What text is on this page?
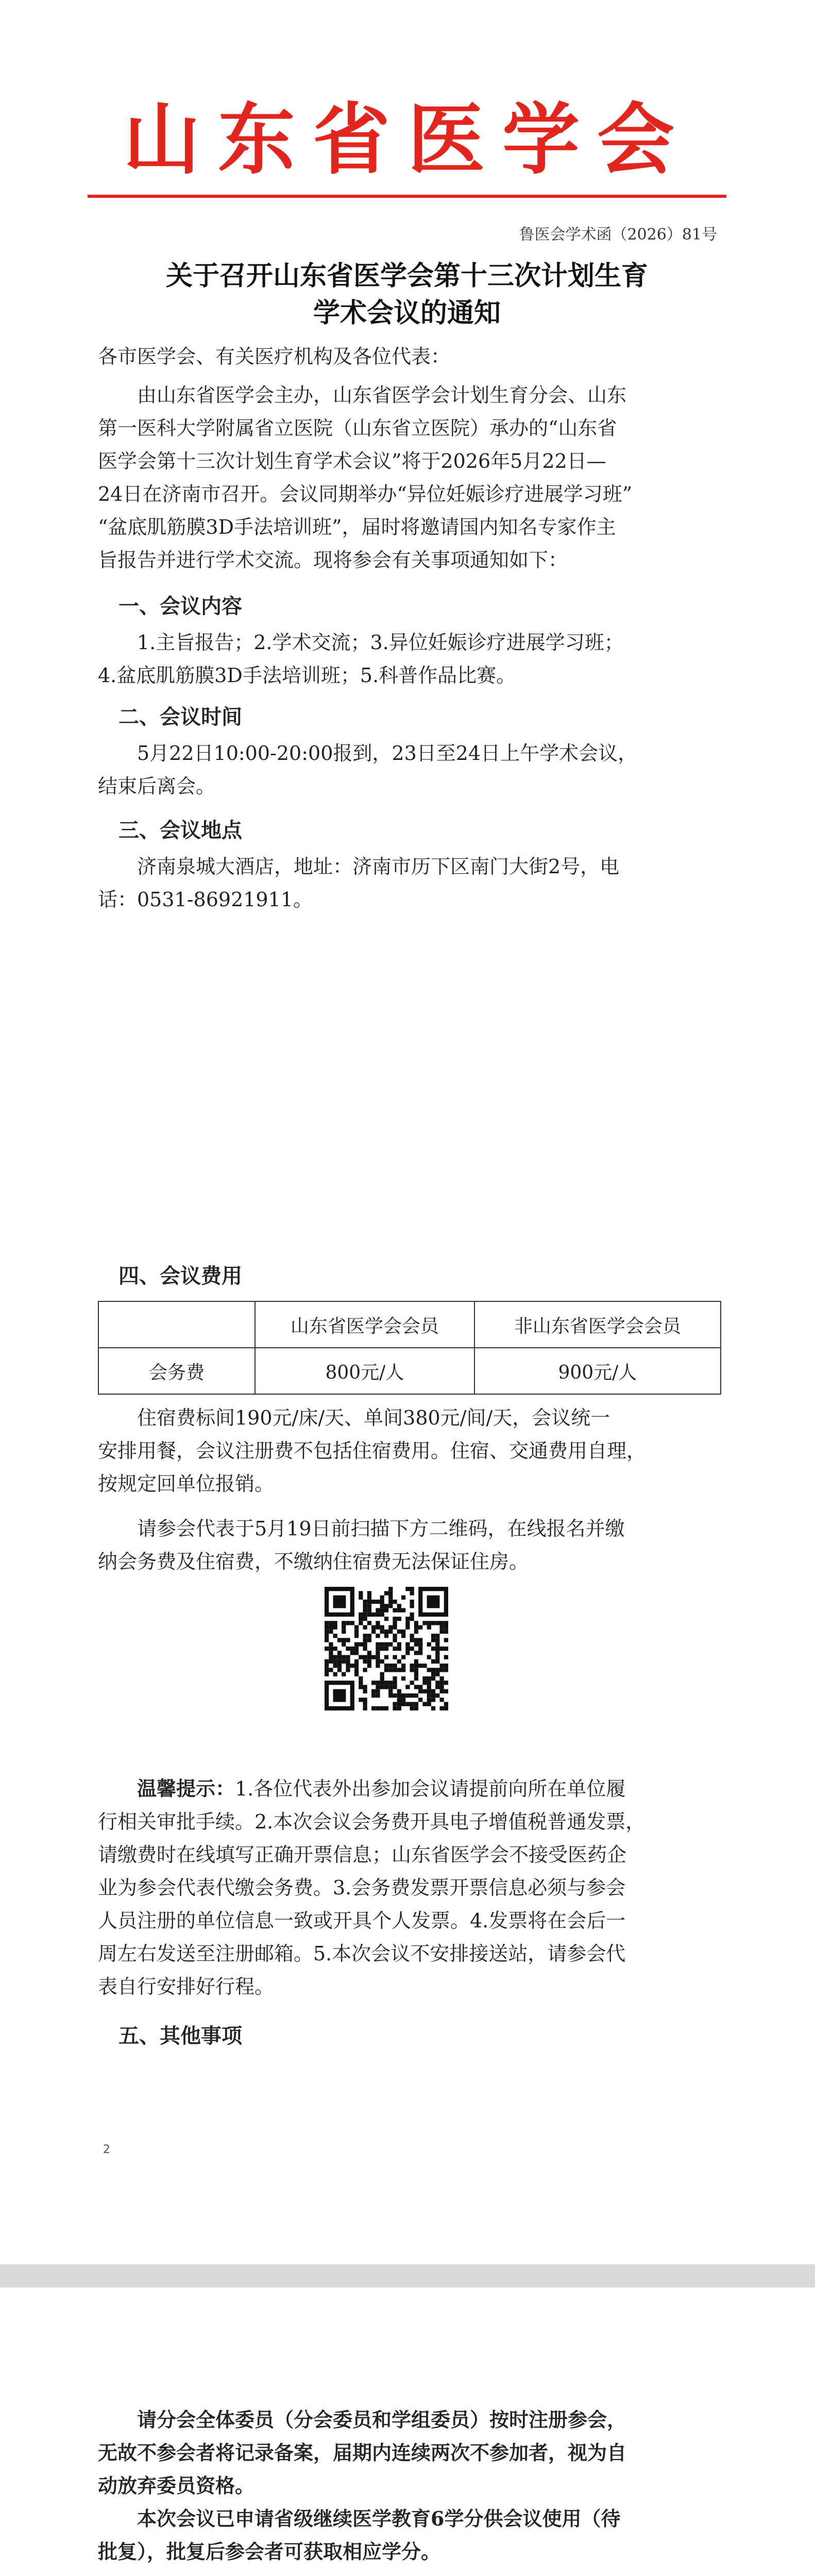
山东省医学会
鲁医会学术函（2026）81号
关于召开山东省医学会第十三次计划生育
学术会议的通知

各市医学会、有关医疗机构及各位代表：

由山东省医学会主办，山东省医学会计划生育分会、山东

第一医科大学附属省立医院（山东省立医院）承办的“山东省

医学会第十三次计划生育学术会议”将于2026年5月22日—

24日在济南市召开。会议同期举办“异位妊娠诊疗进展学习班”

“盆底肌筋膜3D手法培训班”，届时将邀请国内知名专家作主

旨报告并进行学术交流。现将参会有关事项通知如下：

一、会议内容

1.主旨报告；2.学术交流；3.异位妊娠诊疗进展学习班；

4.盆底肌筋膜3D手法培训班；5.科普作品比赛。

二、会议时间

5月22日10:00-20:00报到，23日至24日上午学术会议，

结束后离会。

三、会议地点

济南泉城大酒店，地址：济南市历下区南门大街2号，电

话：0531-86921911。

四、会议费用
	山东省医学会会员	非山东省医学会会员
会务费	800元/人	900元/人

住宿费标间190元/床/天、单间380元/间/天，会议统一

安排用餐，会议注册费不包括住宿费用。住宿、交通费用自理，

按规定回单位报销。

请参会代表于5月19日前扫描下方二维码，在线报名并缴

纳会务费及住宿费，不缴纳住宿费无法保证住房。

温馨提示：1.各位代表外出参加会议请提前向所在单位履

行相关审批手续。2.本次会议会务费开具电子增值税普通发票，

请缴费时在线填写正确开票信息；山东省医学会不接受医药企

业为参会代表代缴会务费。3.会务费发票开票信息必须与参会

人员注册的单位信息一致或开具个人发票。4.发票将在会后一

周左右发送至注册邮箱。5.本次会议不安排接送站，请参会代

表自行安排好行程。

五、其他事项
2

请分会全体委员（分会委员和学组委员）按时注册参会，

无故不参会者将记录备案，届期内连续两次不参加者，视为自

动放弃委员资格。

本次会议已申请省级继续医学教育6学分供会议使用（待

批复），批复后参会者可获取相应学分。
